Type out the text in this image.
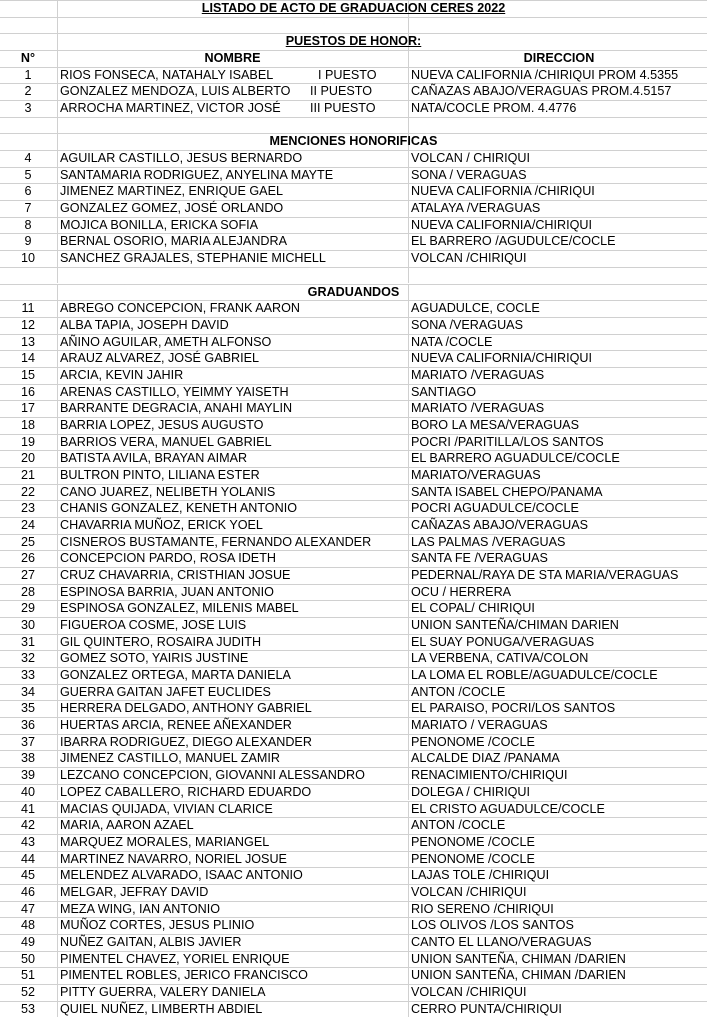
LISTADO DE ACTO DE GRADUACION CERES 2022
PUESTOS DE HONOR:
N°	NOMBRE	DIRECCION
1	RIOS FONSECA, NATAHALY ISABEL	I PUESTO	NUEVA CALIFORNIA /CHIRIQUI PROM 4.5355
2	GONZALEZ MENDOZA, LUIS ALBERTO	II PUESTO	CAÑAZAS ABAJO/VERAGUAS PROM.4.5157
3	ARROCHA MARTINEZ, VICTOR JOSÉ	III PUESTO	NATA/COCLE PROM. 4.4776
MENCIONES HONORIFICAS
4	AGUILAR CASTILLO, JESUS BERNARDO	VOLCAN / CHIRIQUI
5	SANTAMARIA RODRIGUEZ, ANYELINA MAYTE	SONA / VERAGUAS
6	JIMENEZ MARTINEZ, ENRIQUE GAEL	NUEVA CALIFORNIA /CHIRIQUI
7	GONZALEZ GOMEZ, JOSÉ ORLANDO	ATALAYA /VERAGUAS
8	MOJICA BONILLA, ERICKA SOFIA	NUEVA CALIFORNIA/CHIRIQUI
9	BERNAL OSORIO, MARIA ALEJANDRA	EL BARRERO /AGUDULCE/COCLE
10	SANCHEZ GRAJALES, STEPHANIE MICHELL	VOLCAN /CHIRIQUI
GRADUANDOS
11	ABREGO CONCEPCION, FRANK AARON	AGUADULCE, COCLE
12	ALBA TAPIA, JOSEPH DAVID	SONA /VERAGUAS
13	AÑINO AGUILAR, AMETH ALFONSO	NATA /COCLE
14	ARAUZ ALVAREZ, JOSÉ GABRIEL	NUEVA CALIFORNIA/CHIRIQUI
15	ARCIA, KEVIN JAHIR	MARIATO /VERAGUAS
16	ARENAS CASTILLO, YEIMMY YAISETH	SANTIAGO
17	BARRANTE DEGRACIA, ANAHI MAYLIN	MARIATO /VERAGUAS
18	BARRIA LOPEZ, JESUS AUGUSTO	BORO LA MESA/VERAGUAS
19	BARRIOS VERA, MANUEL GABRIEL	POCRI /PARITILLA/LOS SANTOS
20	BATISTA AVILA, BRAYAN AIMAR	EL BARRERO AGUADULCE/COCLE
21	BULTRON PINTO, LILIANA ESTER	MARIATO/VERAGUAS
22	CANO JUAREZ, NELIBETH YOLANIS	SANTA ISABEL CHEPO/PANAMA
23	CHANIS GONZALEZ, KENETH ANTONIO	POCRI AGUADULCE/COCLE
24	CHAVARRIA MUÑOZ, ERICK YOEL	CAÑAZAS ABAJO/VERAGUAS
25	CISNEROS BUSTAMANTE, FERNANDO ALEXANDER	LAS PALMAS /VERAGUAS
26	CONCEPCION PARDO, ROSA IDETH	SANTA FE /VERAGUAS
27	CRUZ CHAVARRIA, CRISTHIAN JOSUE	PEDERNAL/RAYA DE STA MARIA/VERAGUAS
28	ESPINOSA BARRIA, JUAN ANTONIO	OCU / HERRERA
29	ESPINOSA GONZALEZ, MILENIS MABEL	EL COPAL/ CHIRIQUI
30	FIGUEROA COSME, JOSE LUIS	UNION SANTEÑA/CHIMAN DARIEN
31	GIL QUINTERO, ROSAIRA JUDITH	EL SUAY PONUGA/VERAGUAS
32	GOMEZ SOTO, YAIRIS JUSTINE	LA VERBENA, CATIVA/COLON
33	GONZALEZ ORTEGA, MARTA DANIELA	LA LOMA EL ROBLE/AGUADULCE/COCLE
34	GUERRA GAITAN JAFET EUCLIDES	ANTON /COCLE
35	HERRERA DELGADO, ANTHONY GABRIEL	EL PARAISO, POCRI/LOS SANTOS
36	HUERTAS ARCIA, RENEE AÑEXANDER	MARIATO / VERAGUAS
37	IBARRA RODRIGUEZ, DIEGO ALEXANDER	PENONOME /COCLE
38	JIMENEZ CASTILLO, MANUEL ZAMIR	ALCALDE DIAZ /PANAMA
39	LEZCANO CONCEPCION, GIOVANNI ALESSANDRO	RENACIMIENTO/CHIRIQUI
40	LOPEZ CABALLERO, RICHARD EDUARDO	DOLEGA / CHIRIQUI
41	MACIAS QUIJADA, VIVIAN CLARICE	EL CRISTO AGUADULCE/COCLE
42	MARIA, AARON AZAEL	ANTON /COCLE
43	MARQUEZ MORALES, MARIANGEL	PENONOME /COCLE
44	MARTINEZ NAVARRO, NORIEL JOSUE	PENONOME /COCLE
45	MELENDEZ ALVARADO, ISAAC ANTONIO	LAJAS TOLE /CHIRIQUI
46	MELGAR, JEFRAY DAVID	VOLCAN /CHIRIQUI
47	MEZA WING, IAN ANTONIO	RIO SERENO /CHIRIQUI
48	MUÑOZ CORTES, JESUS PLINIO	LOS OLIVOS /LOS SANTOS
49	NUÑEZ GAITAN, ALBIS JAVIER	CANTO EL LLANO/VERAGUAS
50	PIMENTEL CHAVEZ, YORIEL ENRIQUE	UNION SANTEÑA, CHIMAN /DARIEN
51	PIMENTEL ROBLES, JERICO FRANCISCO	UNION SANTEÑA, CHIMAN /DARIEN
52	PITTY GUERRA, VALERY DANIELA	VOLCAN /CHIRIQUI
53	QUIEL NUÑEZ, LIMBERTH ABDIEL	CERRO PUNTA/CHIRIQUI
